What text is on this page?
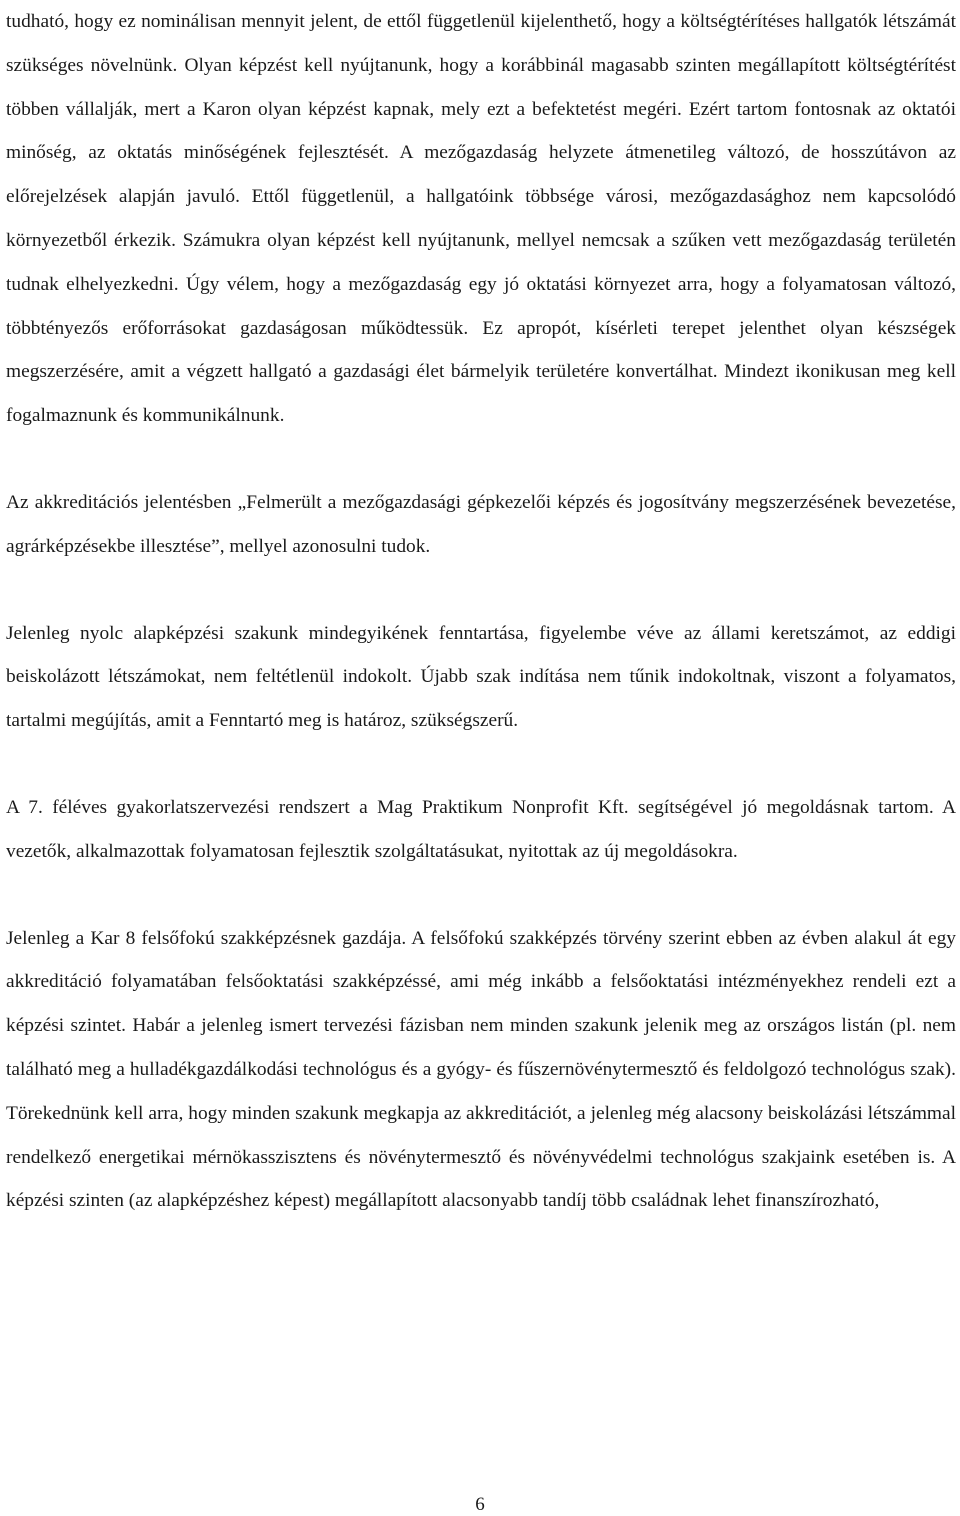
tudható, hogy ez nominálisan mennyit jelent, de ettől függetlenül kijelenthető, hogy a költségtérítéses hallgatók létszámát szükséges növelnünk. Olyan képzést kell nyújtanunk, hogy a korábbinál magasabb szinten megállapított költségtérítést többen vállalják, mert a Karon olyan képzést kapnak, mely ezt a befektetést megéri. Ezért tartom fontosnak az oktatói minőség, az oktatás minőségének fejlesztését. A mezőgazdaság helyzete átmenetileg változó, de hosszútávon az előrejelzések alapján javuló. Ettől függetlenül, a hallgatóink többsége városi, mezőgazdasághoz nem kapcsolódó környezetből érkezik. Számukra olyan képzést kell nyújtanunk, mellyel nemcsak a szűken vett mezőgazdaság területén tudnak elhelyezkedni. Úgy vélem, hogy a mezőgazdaság egy jó oktatási környezet arra, hogy a folyamatosan változó, többtényezős erőforrásokat gazdaságosan működtessük. Ez apropót, kísérleti terepet jelenthet olyan készségek megszerzésére, amit a végzett hallgató a gazdasági élet bármelyik területére konvertálhat. Mindezt ikonikusan meg kell fogalmaznunk és kommunikálnunk.

Az akkreditációs jelentésben „Felmerült a mezőgazdasági gépkezelői képzés és jogosítvány megszerzésének bevezetése, agrárképzésekbe illesztése”, mellyel azonosulni tudok.

Jelenleg nyolc alapképzési szakunk mindegyikének fenntartása, figyelembe véve az állami keretszámot, az eddigi beiskolázott létszámokat, nem feltétlenül indokolt. Újabb szak indítása nem tűnik indokoltnak, viszont a folyamatos, tartalmi megújítás, amit a Fenntartó meg is határoz, szükségszerű.

A 7. féléves gyakorlatszervezési rendszert a Mag Praktikum Nonprofit Kft. segítségével jó megoldásnak tartom. A vezetők, alkalmazottak folyamatosan fejlesztik szolgáltatásukat, nyitottak az új megoldásokra.

Jelenleg a Kar 8 felsőfokú szakképzésnek gazdája. A felsőfokú szakképzés törvény szerint ebben az évben alakul át egy akkreditáció folyamatában felsőoktatási szakképzéssé, ami még inkább a felsőoktatási intézményekhez rendeli ezt a képzési szintet. Habár a jelenleg ismert tervezési fázisban nem minden szakunk jelenik meg az országos listán (pl. nem található meg a hulladékgazdálkodási technológus és a gyógy- és fűszernövénytermesztő és feldolgozó technológus szak). Törekednünk kell arra, hogy minden szakunk megkapja az akkreditációt, a jelenleg még alacsony beiskolázási létszámmal rendelkező energetikai mérnökasszisztens és növénytermesztő és növényvédelmi technológus szakjaink esetében is. A képzési szinten (az alapképzéshez képest) megállapított alacsonyabb tandíj több családnak lehet finanszírozható,

6
